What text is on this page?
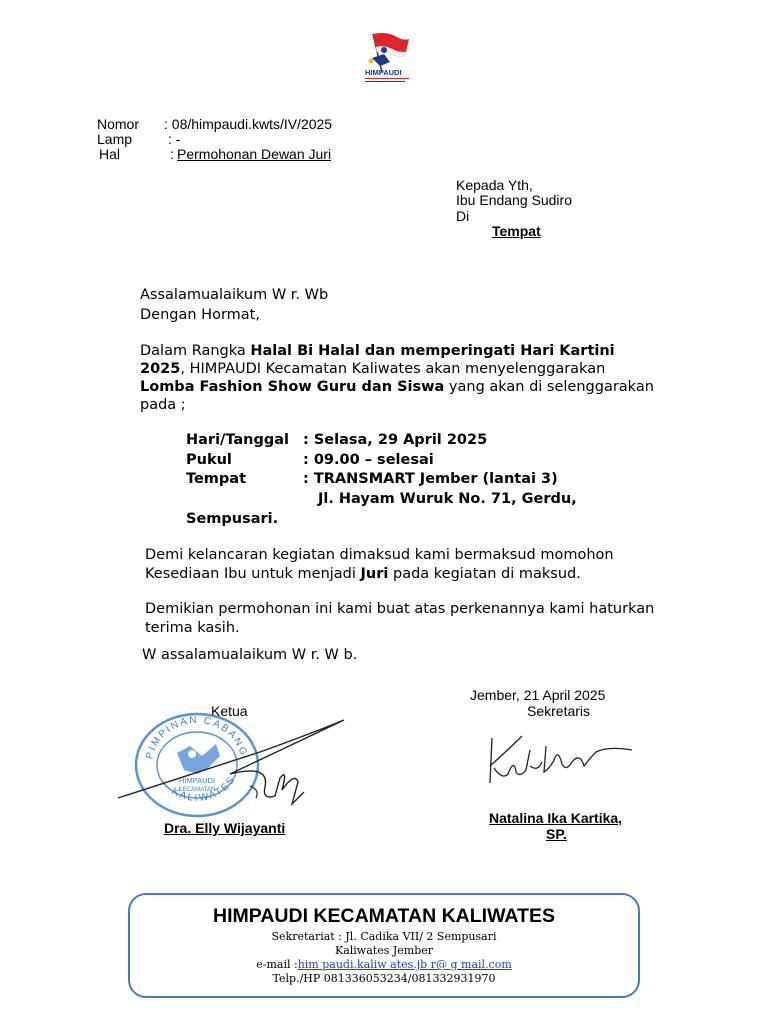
HIMPAUDI
Nomor : 08/himpaudi.kwts/IV/2025
Lamp	: -
Hal	: Permohonan Dewan Juri
Kepada Yth,
Ibu Endang Sudiro
Di
Tempat
Assalamualaikum W r. Wb
Dengan Hormat,
Dalam Rangka Halal Bi Halal dan memperingati Hari Kartini
2025, HIMPAUDI Kecamatan Kaliwates akan menyelenggarakan
Lomba Fashion Show Guru dan Siswa yang akan di selenggarakan
pada ;
Hari/Tanggal : Selasa, 29 April 2025
Pukul	: 09.00 – selesai
Tempat	: TRANSMART Jember (lantai 3)
Jl. Hayam Wuruk No. 71, Gerdu,
Sempusari.
Demi kelancaran kegiatan dimaksud kami bermaksud momohon
Kesediaan Ibu untuk menjadi Juri pada kegiatan di maksud.
Demikian permohonan ini kami buat atas perkenannya kami haturkan
terima kasih.
W assalamualaikum W r. W b.
Jember, 21 April 2025
Sekretaris
Ketua
PIMPINAN CABANG
KALIWATES
HIMPAUDI
KECAMATAN
Dra. Elly Wijayanti
Natalina Ika Kartika,
SP.
HIMPAUDI KECAMATAN KALIWATES
Sekretariat : Jl. Cadika VII/ 2 Sempusari
Kaliwates Jember
e-mail :him paudi.kaliw ates.jb r@ g mail.com
Telp./HP 081336053234/081332931970
